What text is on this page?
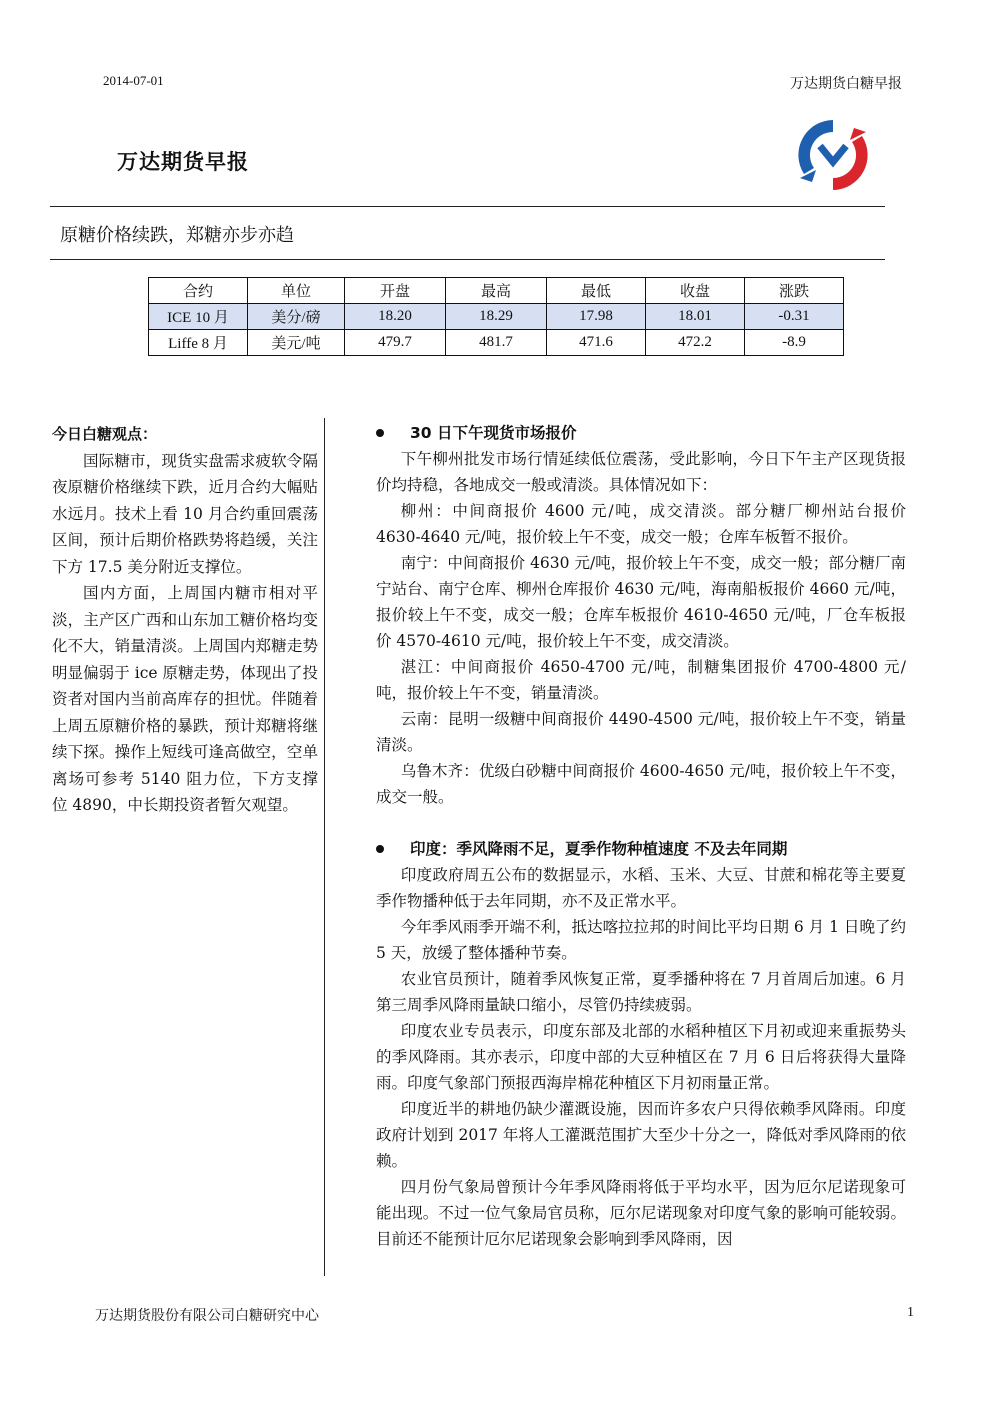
2014-07-01	万达期货白糖早报
万达期货早报
原糖价格续跌，郑糖亦步亦趋
合约	单位	开盘	最高	最低	收盘	涨跌
ICE 10 月	美分/磅	18.20	18.29	17.98	18.01	-0.31
Liffe 8 月	美元/吨	479.7	481.7	471.6	472.2	-8.9
今日白糖观点：

国际糖市，现货实盘需求疲软令隔夜原糖价格继续下跌，近月合约大幅贴水远月。技术上看 10 月合约重回震荡区间，预计后期价格跌势将趋缓，关注下方 17.5 美分附近支撑位。

国内方面，上周国内糖市相对平淡，主产区广西和山东加工糖价格均变化不大，销量清淡。上周国内郑糖走势明显偏弱于 ice 原糖走势，体现出了投资者对国内当前高库存的担忧。伴随着上周五原糖价格的暴跌，预计郑糖将继续下探。操作上短线可逢高做空，空单离场可参考 5140 阻力位，下方支撑位 4890，中长期投资者暂欠观望。

30 日下午现货市场报价

下午柳州批发市场行情延续低位震荡，受此影响，今日下午主产区现货报价均持稳，各地成交一般或清淡。具体情况如下：

柳州：中间商报价 4600 元/吨，成交清淡。部分糖厂柳州站台报价 4630-4640 元/吨，报价较上午不变，成交一般；仓库车板暂不报价。

南宁：中间商报价 4630 元/吨，报价较上午不变，成交一般；部分糖厂南宁站台、南宁仓库、柳州仓库报价 4630 元/吨，海南船板报价 4660 元/吨，报价较上午不变，成交一般；仓库车板报价 4610-4650 元/吨，厂仓车板报价 4570-4610 元/吨，报价较上午不变，成交清淡。

湛江：中间商报价 4650-4700 元/吨，制糖集团报价 4700-4800 元/吨，报价较上午不变，销量清淡。

云南：昆明一级糖中间商报价 4490-4500 元/吨，报价较上午不变，销量清淡。

乌鲁木齐：优级白砂糖中间商报价 4600-4650 元/吨，报价较上午不变，成交一般。

印度：季风降雨不足，夏季作物种植速度 不及去年同期

印度政府周五公布的数据显示，水稻、玉米、大豆、甘蔗和棉花等主要夏季作物播种低于去年同期，亦不及正常水平。

今年季风雨季开端不利，抵达喀拉拉邦的时间比平均日期 6 月 1 日晚了约 5 天，放缓了整体播种节奏。

农业官员预计，随着季风恢复正常，夏季播种将在 7 月首周后加速。6 月第三周季风降雨量缺口缩小，尽管仍持续疲弱。

印度农业专员表示，印度东部及北部的水稻种植区下月初或迎来重振势头的季风降雨。其亦表示，印度中部的大豆种植区在 7 月 6 日后将获得大量降雨。印度气象部门预报西海岸棉花种植区下月初雨量正常。

印度近半的耕地仍缺少灌溉设施，因而许多农户只得依赖季风降雨。印度政府计划到 2017 年将人工灌溉范围扩大至少十分之一，降低对季风降雨的依赖。

四月份气象局曾预计今年季风降雨将低于平均水平，因为厄尔尼诺现象可能出现。不过一位气象局官员称，厄尔尼诺现象对印度气象的影响可能较弱。目前还不能预计厄尔尼诺现象会影响到季风降雨，因

万达期货股份有限公司白糖研究中心	1
